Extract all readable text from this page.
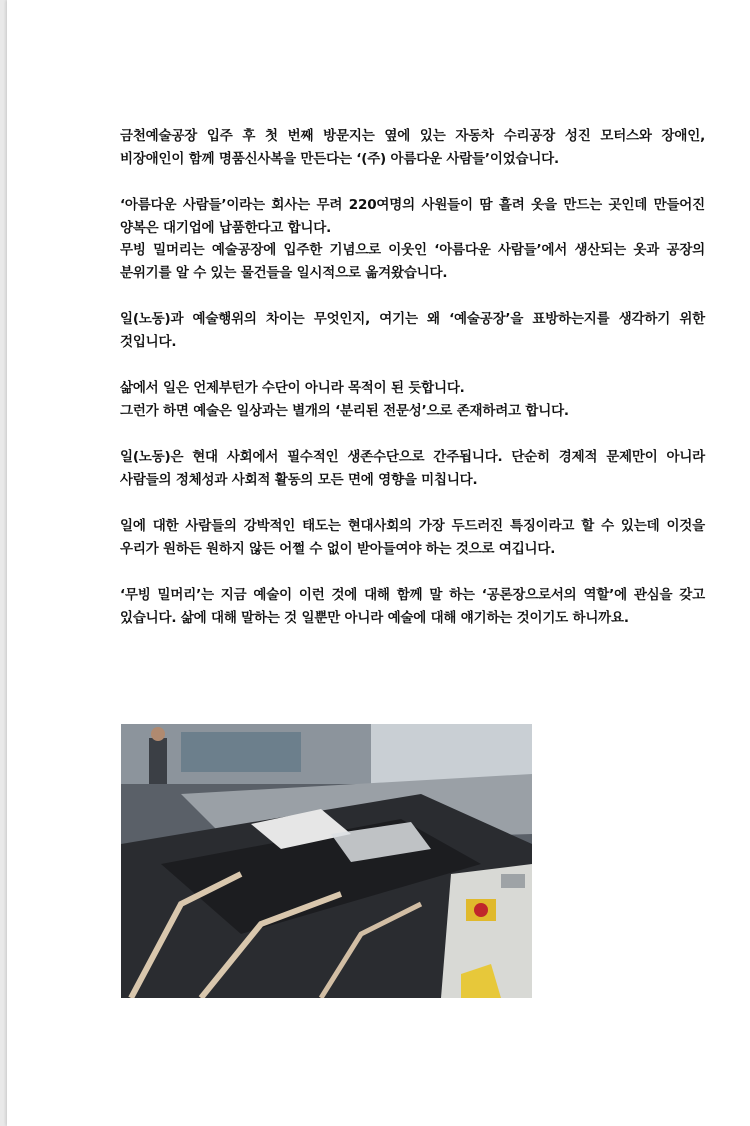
금천예술공장 입주 후 첫 번째 방문지는 옆에 있는 자동차 수리공장 성진 모터스와 장애인, 비장애인이 함께 명품신사복을 만든다는 ‘(주) 아름다운 사람들’이었습니다.

‘아름다운 사람들’이라는 회사는 무려 220여명의 사원들이 땀 흘려 옷을 만드는 곳인데 만들어진 양복은 대기업에 납품한다고 합니다.
무빙 밀머리는 예술공장에 입주한 기념으로 이웃인 ‘아름다운 사람들’에서 생산되는 옷과 공장의 분위기를 알 수 있는 물건들을 일시적으로 옮겨왔습니다.

일(노동)과 예술행위의 차이는 무엇인지, 여기는 왜 ‘예술공장’을 표방하는지를 생각하기 위한 것입니다.

삶에서 일은 언제부턴가 수단이 아니라 목적이 된 듯합니다.
그런가 하면 예술은 일상과는 별개의 ‘분리된 전문성’으로 존재하려고 합니다.

일(노동)은 현대 사회에서 필수적인 생존수단으로 간주됩니다. 단순히 경제적 문제만이 아니라 사람들의 정체성과 사회적 활동의 모든 면에 영향을 미칩니다.

일에 대한 사람들의 강박적인 태도는 현대사회의 가장 두드러진 특징이라고 할 수 있는데 이것을 우리가 원하든 원하지 않든 어쩔 수 없이 받아들여야 하는 것으로 여깁니다.

‘무빙 밀머리’는 지금 예술이 이런 것에 대해 함께 말 하는 ‘공론장으로서의 역할’에 관심을 갖고 있습니다. 삶에 대해 말하는 것 일뿐만 아니라 예술에 대해 얘기하는 것이기도 하니까요.
